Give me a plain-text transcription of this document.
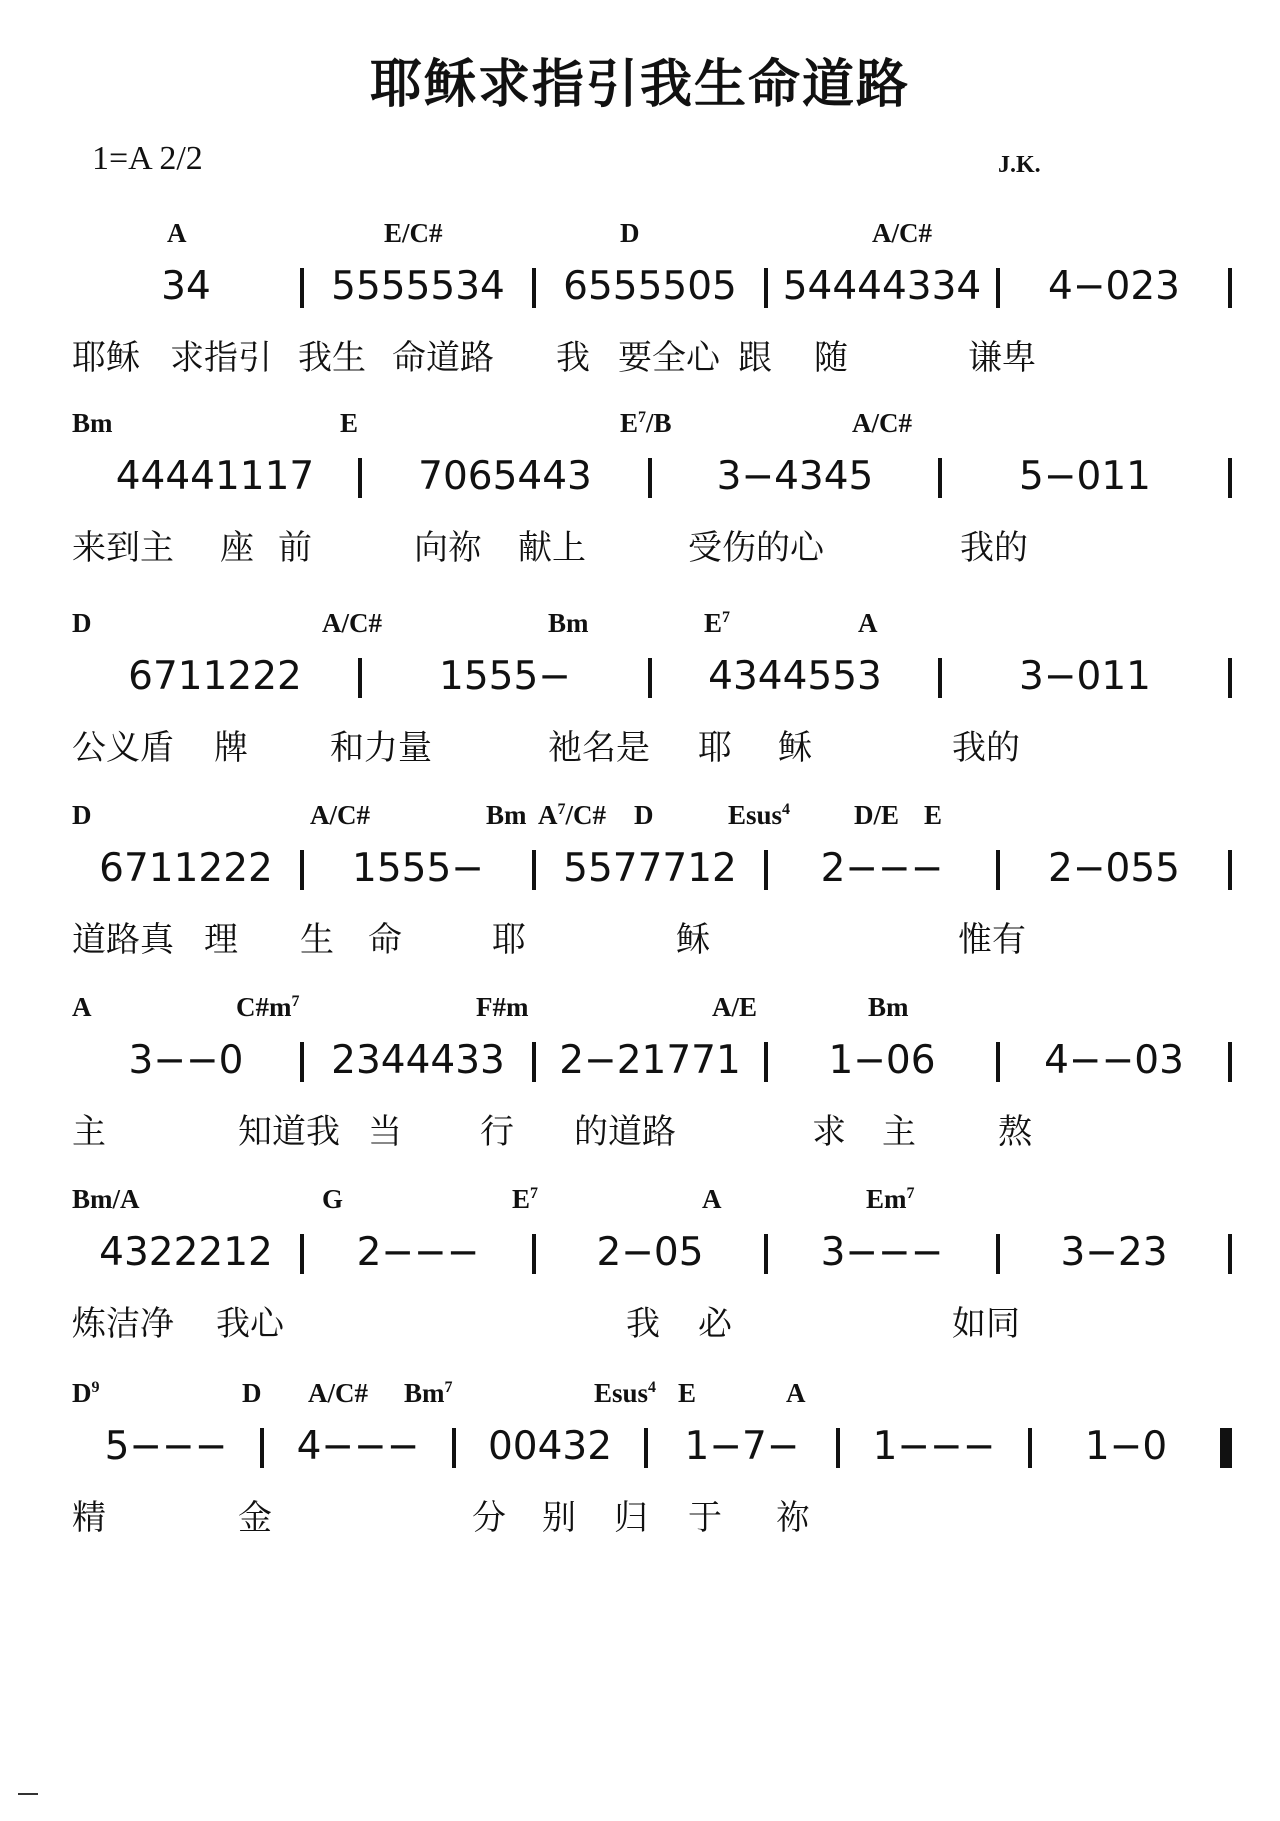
耶稣求指引我生命道路
1=A 2/2	J.K.
A	E/C#	D	A/C#
34	5555534	6555505	54444334	4−023
耶稣 求指引 我生 命道路 我 要全心 跟 随	谦卑
Bm	E	$E^7/B$	A/C#
44441117	7065443	3−4345	5−011
来到主 座 前	向祢 献上	受伤的心	我的
D	A/C#	Bm	$E^7$	A
6711222	1555−	4344553	3−011
公义盾 牌 和力量	祂名是 耶 稣	我的
D	A/C#	Bm $A^7/C\#$ D	Esus$^4$ D/E E
6711222	1555−	5577712	2−−−	2−055
道路真 理 生 命	耶	稣	惟有
A	$C\#m^7$	F#m	A/E	Bm
3−−0	2344433	2−21771	1−06	4−−03
主	知道我 当 行 的道路	求 主 熬
Bm/A	G	$E^7$	A	Em$^7$
4322212	2−−−	2−05	3−−−	3−23
炼洁净 我心	我 必	如同
$D^9$	D A/C# Bm$^7$	Esus$^4$ E	A
5−−−	4−−−	00432	1−7−	1−−−	1−0
精	金	分 别 归 于 祢
